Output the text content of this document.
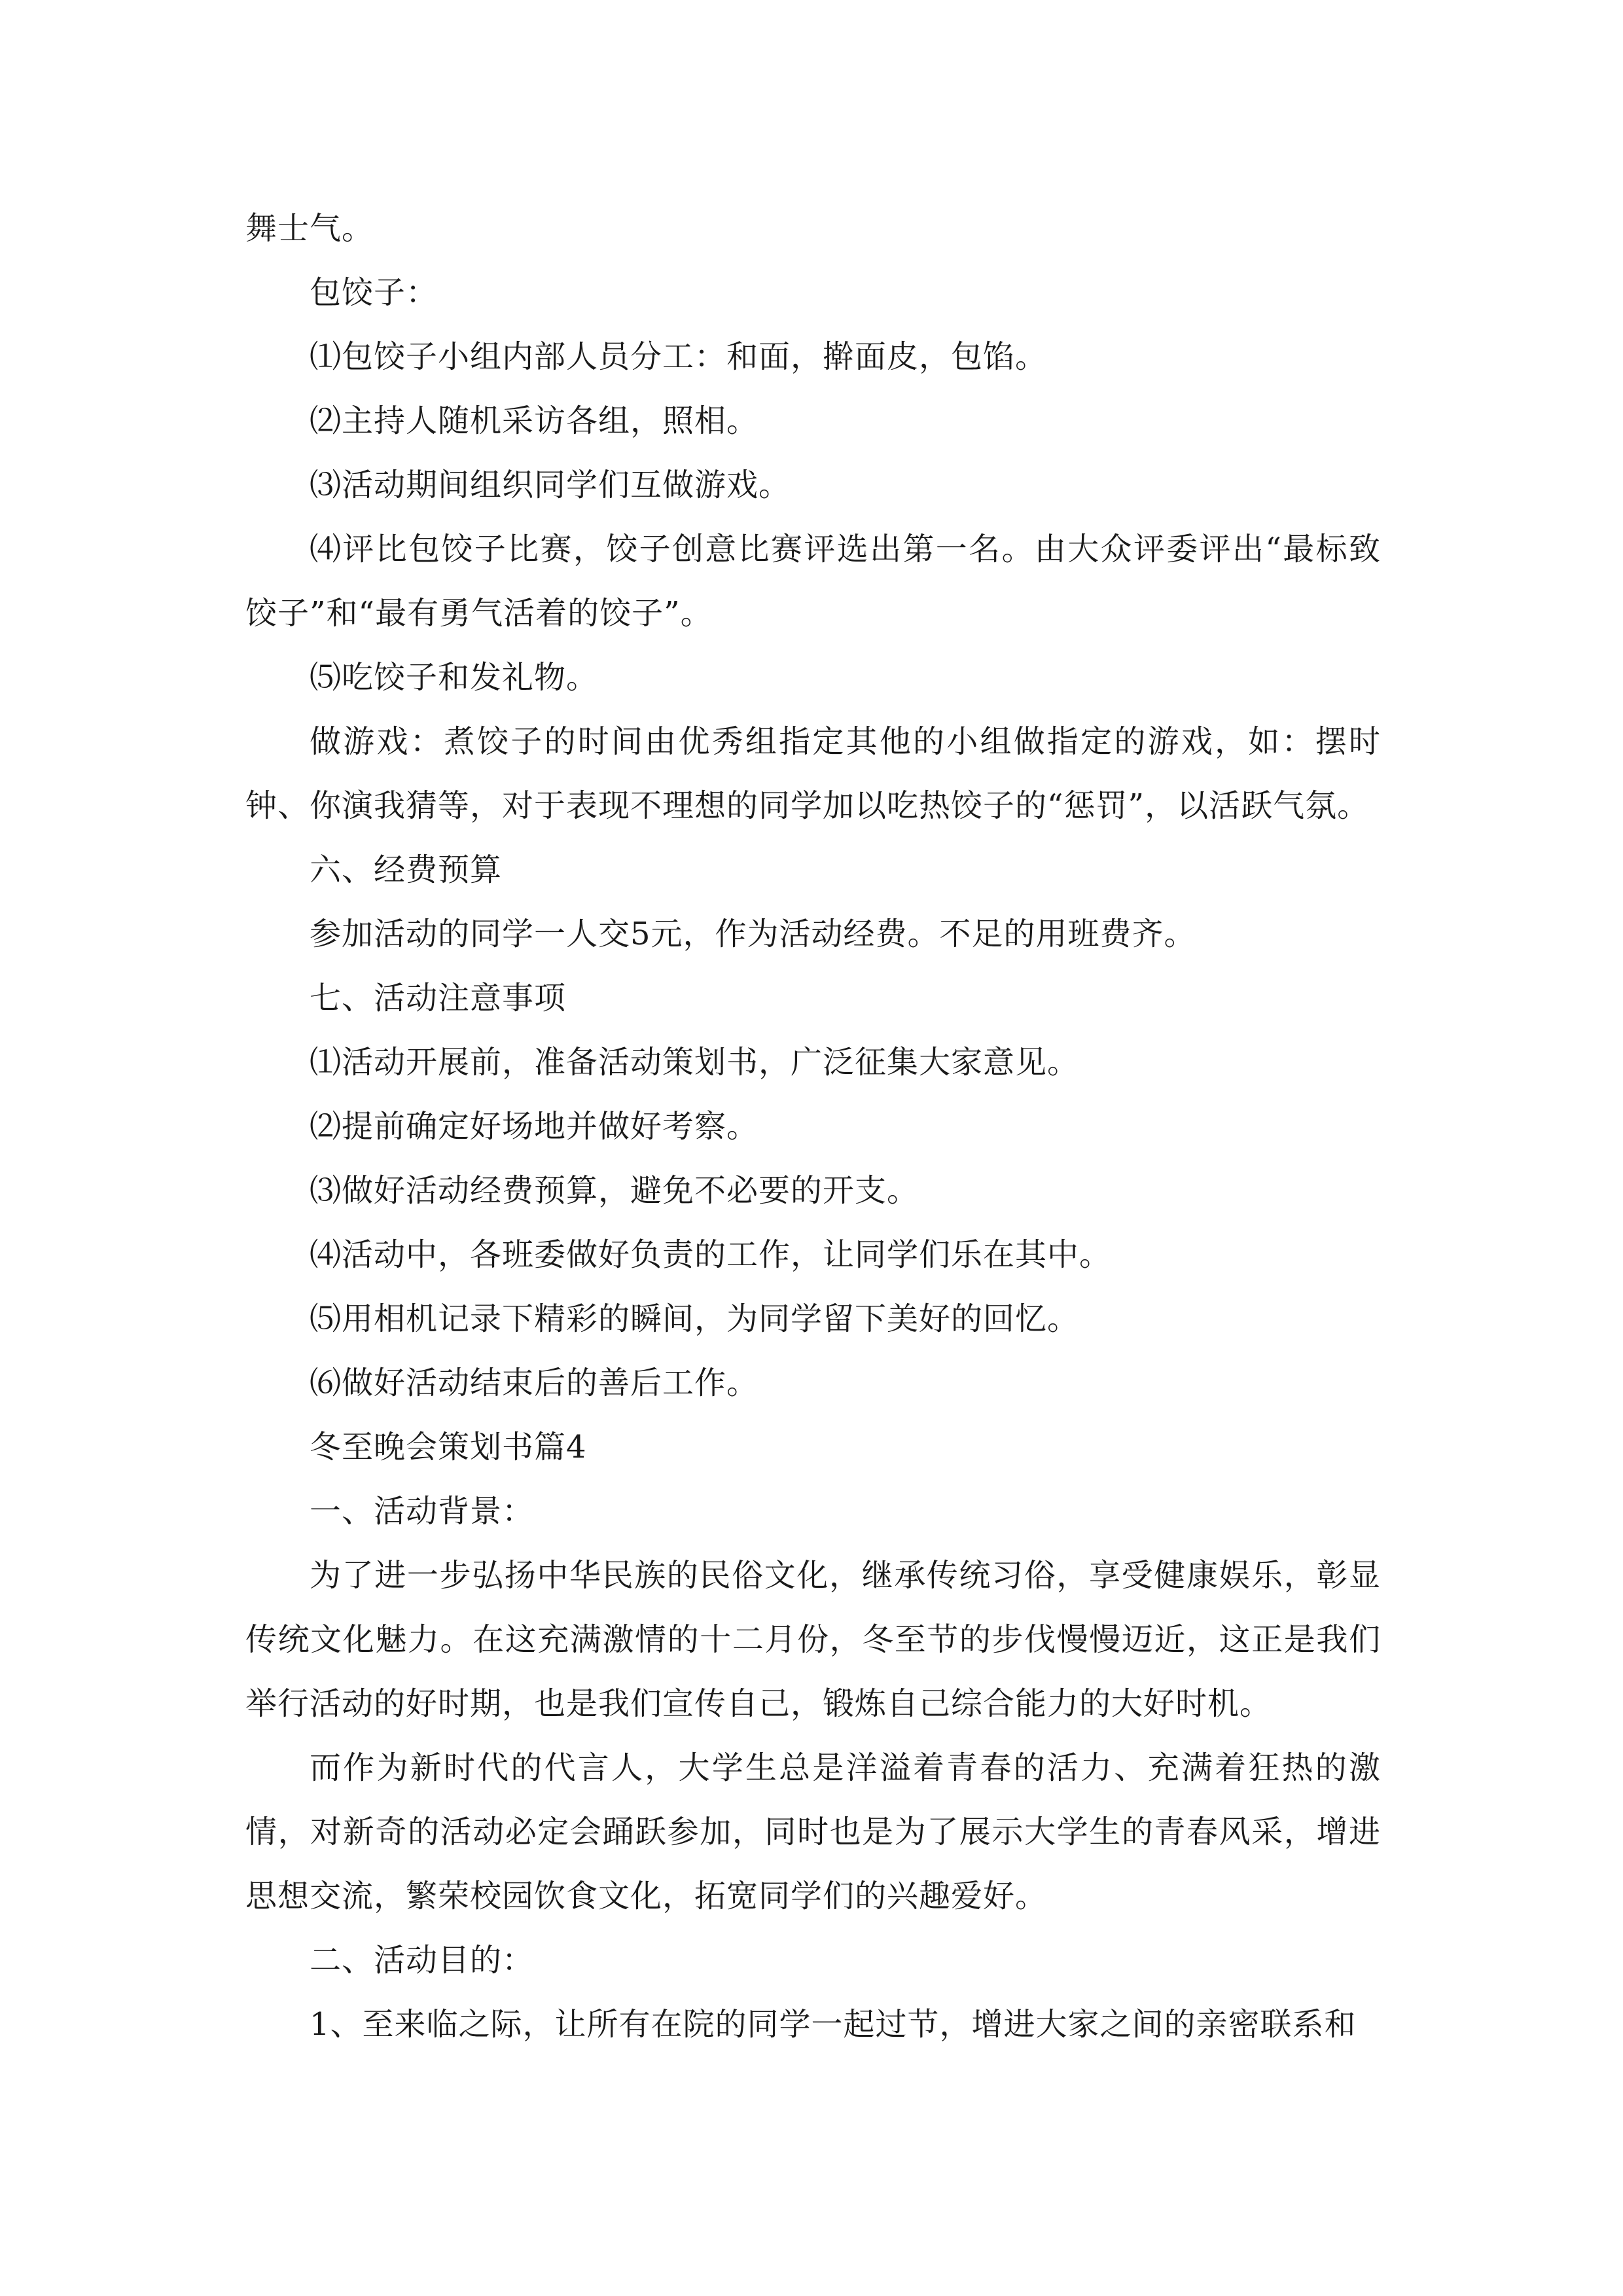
舞士气。

包饺子：

⑴包饺子小组内部人员分工：和面，擀面皮，包馅。

⑵主持人随机采访各组，照相。

⑶活动期间组织同学们互做游戏。

⑷评比包饺子比赛，饺子创意比赛评选出第一名。由大众评委评出“最标致饺子”和“最有勇气活着的饺子”。

⑸吃饺子和发礼物。

做游戏：煮饺子的时间由优秀组指定其他的小组做指定的游戏，如：摆时钟、你演我猜等，对于表现不理想的同学加以吃热饺子的“惩罚”，以活跃气氛。

六、经费预算

参加活动的同学一人交5元，作为活动经费。不足的用班费齐。

七、活动注意事项

⑴活动开展前，准备活动策划书，广泛征集大家意见。

⑵提前确定好场地并做好考察。

⑶做好活动经费预算，避免不必要的开支。

⑷活动中，各班委做好负责的工作，让同学们乐在其中。

⑸用相机记录下精彩的瞬间，为同学留下美好的回忆。

⑹做好活动结束后的善后工作。

冬至晚会策划书篇4

一、活动背景：

为了进一步弘扬中华民族的民俗文化，继承传统习俗，享受健康娱乐，彰显传统文化魅力。在这充满激情的十二月份，冬至节的步伐慢慢迈近，这正是我们举行活动的好时期，也是我们宣传自己，锻炼自己综合能力的大好时机。

而作为新时代的代言人，大学生总是洋溢着青春的活力、充满着狂热的激情，对新奇的活动必定会踊跃参加，同时也是为了展示大学生的青春风采，增进思想交流，繁荣校园饮食文化，拓宽同学们的兴趣爱好。

二、活动目的：

1、至来临之际，让所有在院的同学一起过节，增进大家之间的亲密联系和
